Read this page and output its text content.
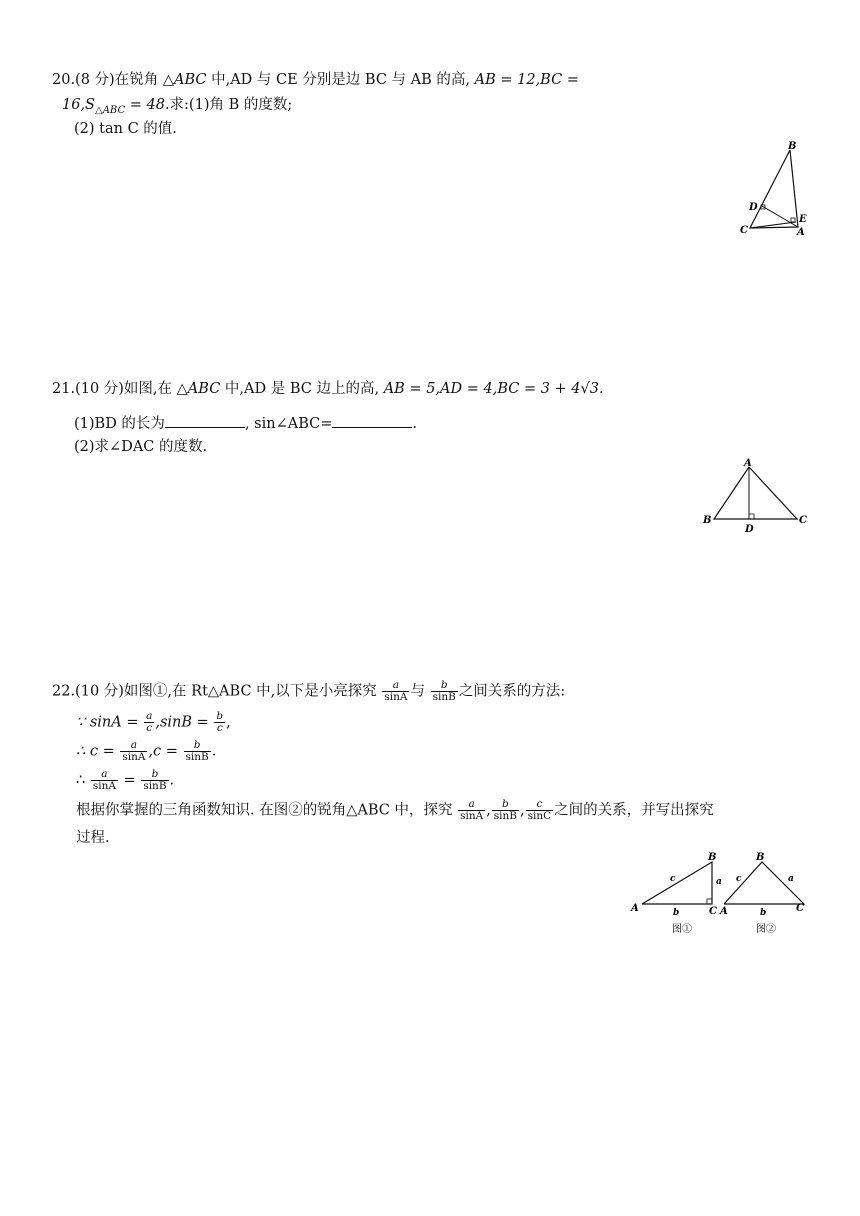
20.(8 分)在锐角 △ABC 中,AD 与 CE 分别是边 BC 与 AB 的高, AB = 12,BC =
$16,S_{\triangle ABC} = 48$.求:(1)角 B 的度数;
(2) tan C 的值.
B
D
E
C	A
21.(10 分)如图,在 △ABC 中,AD 是 BC 边上的高, AB = 5,AD = 4,BC = 3 + 4√3.
(1)BD 的长为	, sin∠ABC=	.
(2)求∠DAC 的度数.
A
B
D
C
22.(10 分)如图①,在 Rt△ABC 中,以下是小亮探究 $\frac{a}{\sin A}$ 与 $\frac{b}{\sin B}$ 之间关系的方法:
∵ $\sin A = \frac{a}{c} ,\sin B = \frac{b}{c}$ ,
∴ $c = \frac{a}{\sin A} ,c = \frac{b}{\sin B}$ .
∴ $\frac{a}{\sin A} = \frac{b}{\sin B}$ .
根据你掌握的三角函数知识. 在图②的锐角△ABC 中，探究 $\frac{a}{\sin A}$ , $\frac{b}{\sin B}$ , $\frac{c}{\sin C}$ 之间的关系，并写出探究
过程.
B
A	C
a
b
c
图①
B
A	C
a
b
c
图②
